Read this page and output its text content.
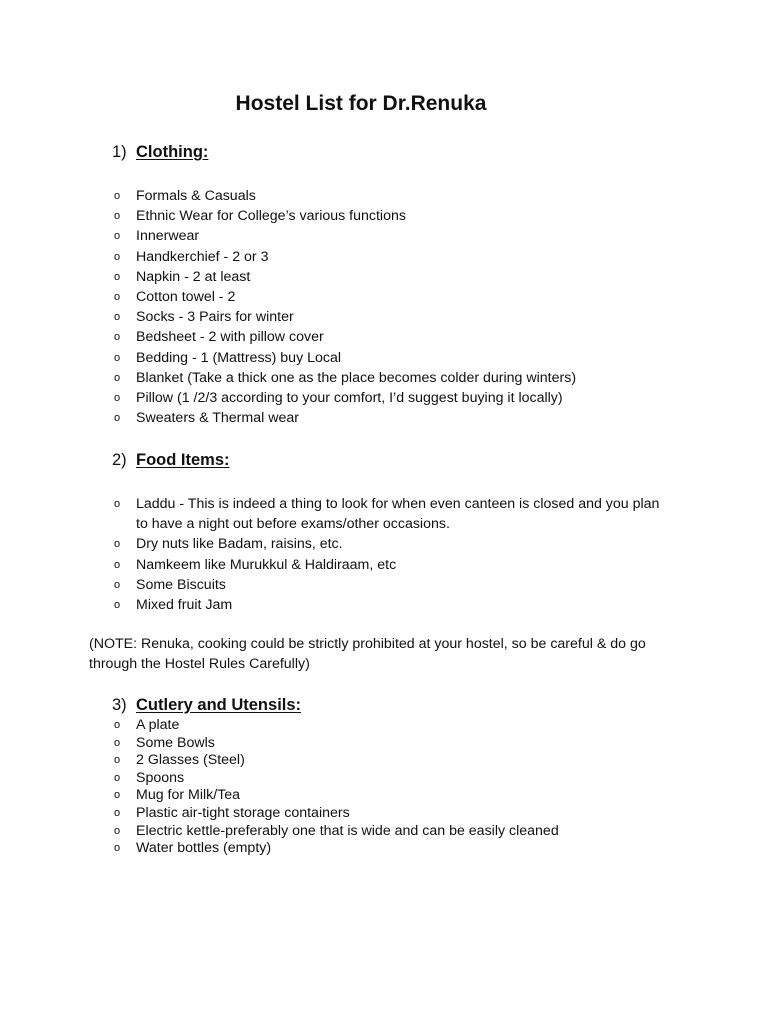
Hostel List for Dr.Renuka
1) Clothing:
o Formals & Casuals
o Ethnic Wear for College’s various functions
o Innerwear
o Handkerchief - 2 or 3
o Napkin - 2 at least
o Cotton towel - 2
o Socks - 3 Pairs for winter
o Bedsheet - 2 with pillow cover
o Bedding - 1 (Mattress) buy Local
o Blanket (Take a thick one as the place becomes colder during winters)
o Pillow (1 /2/3 according to your comfort, I’d suggest buying it locally)
o Sweaters & Thermal wear
2) Food Items:
o Laddu - This is indeed a thing to look for when even canteen is closed and you plan to have a night out before exams/other occasions.
o Dry nuts like Badam, raisins, etc.
o Namkeem like Murukkul & Haldiraam, etc
o Some Biscuits
o Mixed fruit Jam

(NOTE: Renuka, cooking could be strictly prohibited at your hostel, so be careful & do go through the Hostel Rules Carefully)

3) Cutlery and Utensils:
o A plate
o Some Bowls
o 2 Glasses (Steel)
o Spoons
o Mug for Milk/Tea
o Plastic air-tight storage containers
o Electric kettle-preferably one that is wide and can be easily cleaned
o Water bottles (empty)
